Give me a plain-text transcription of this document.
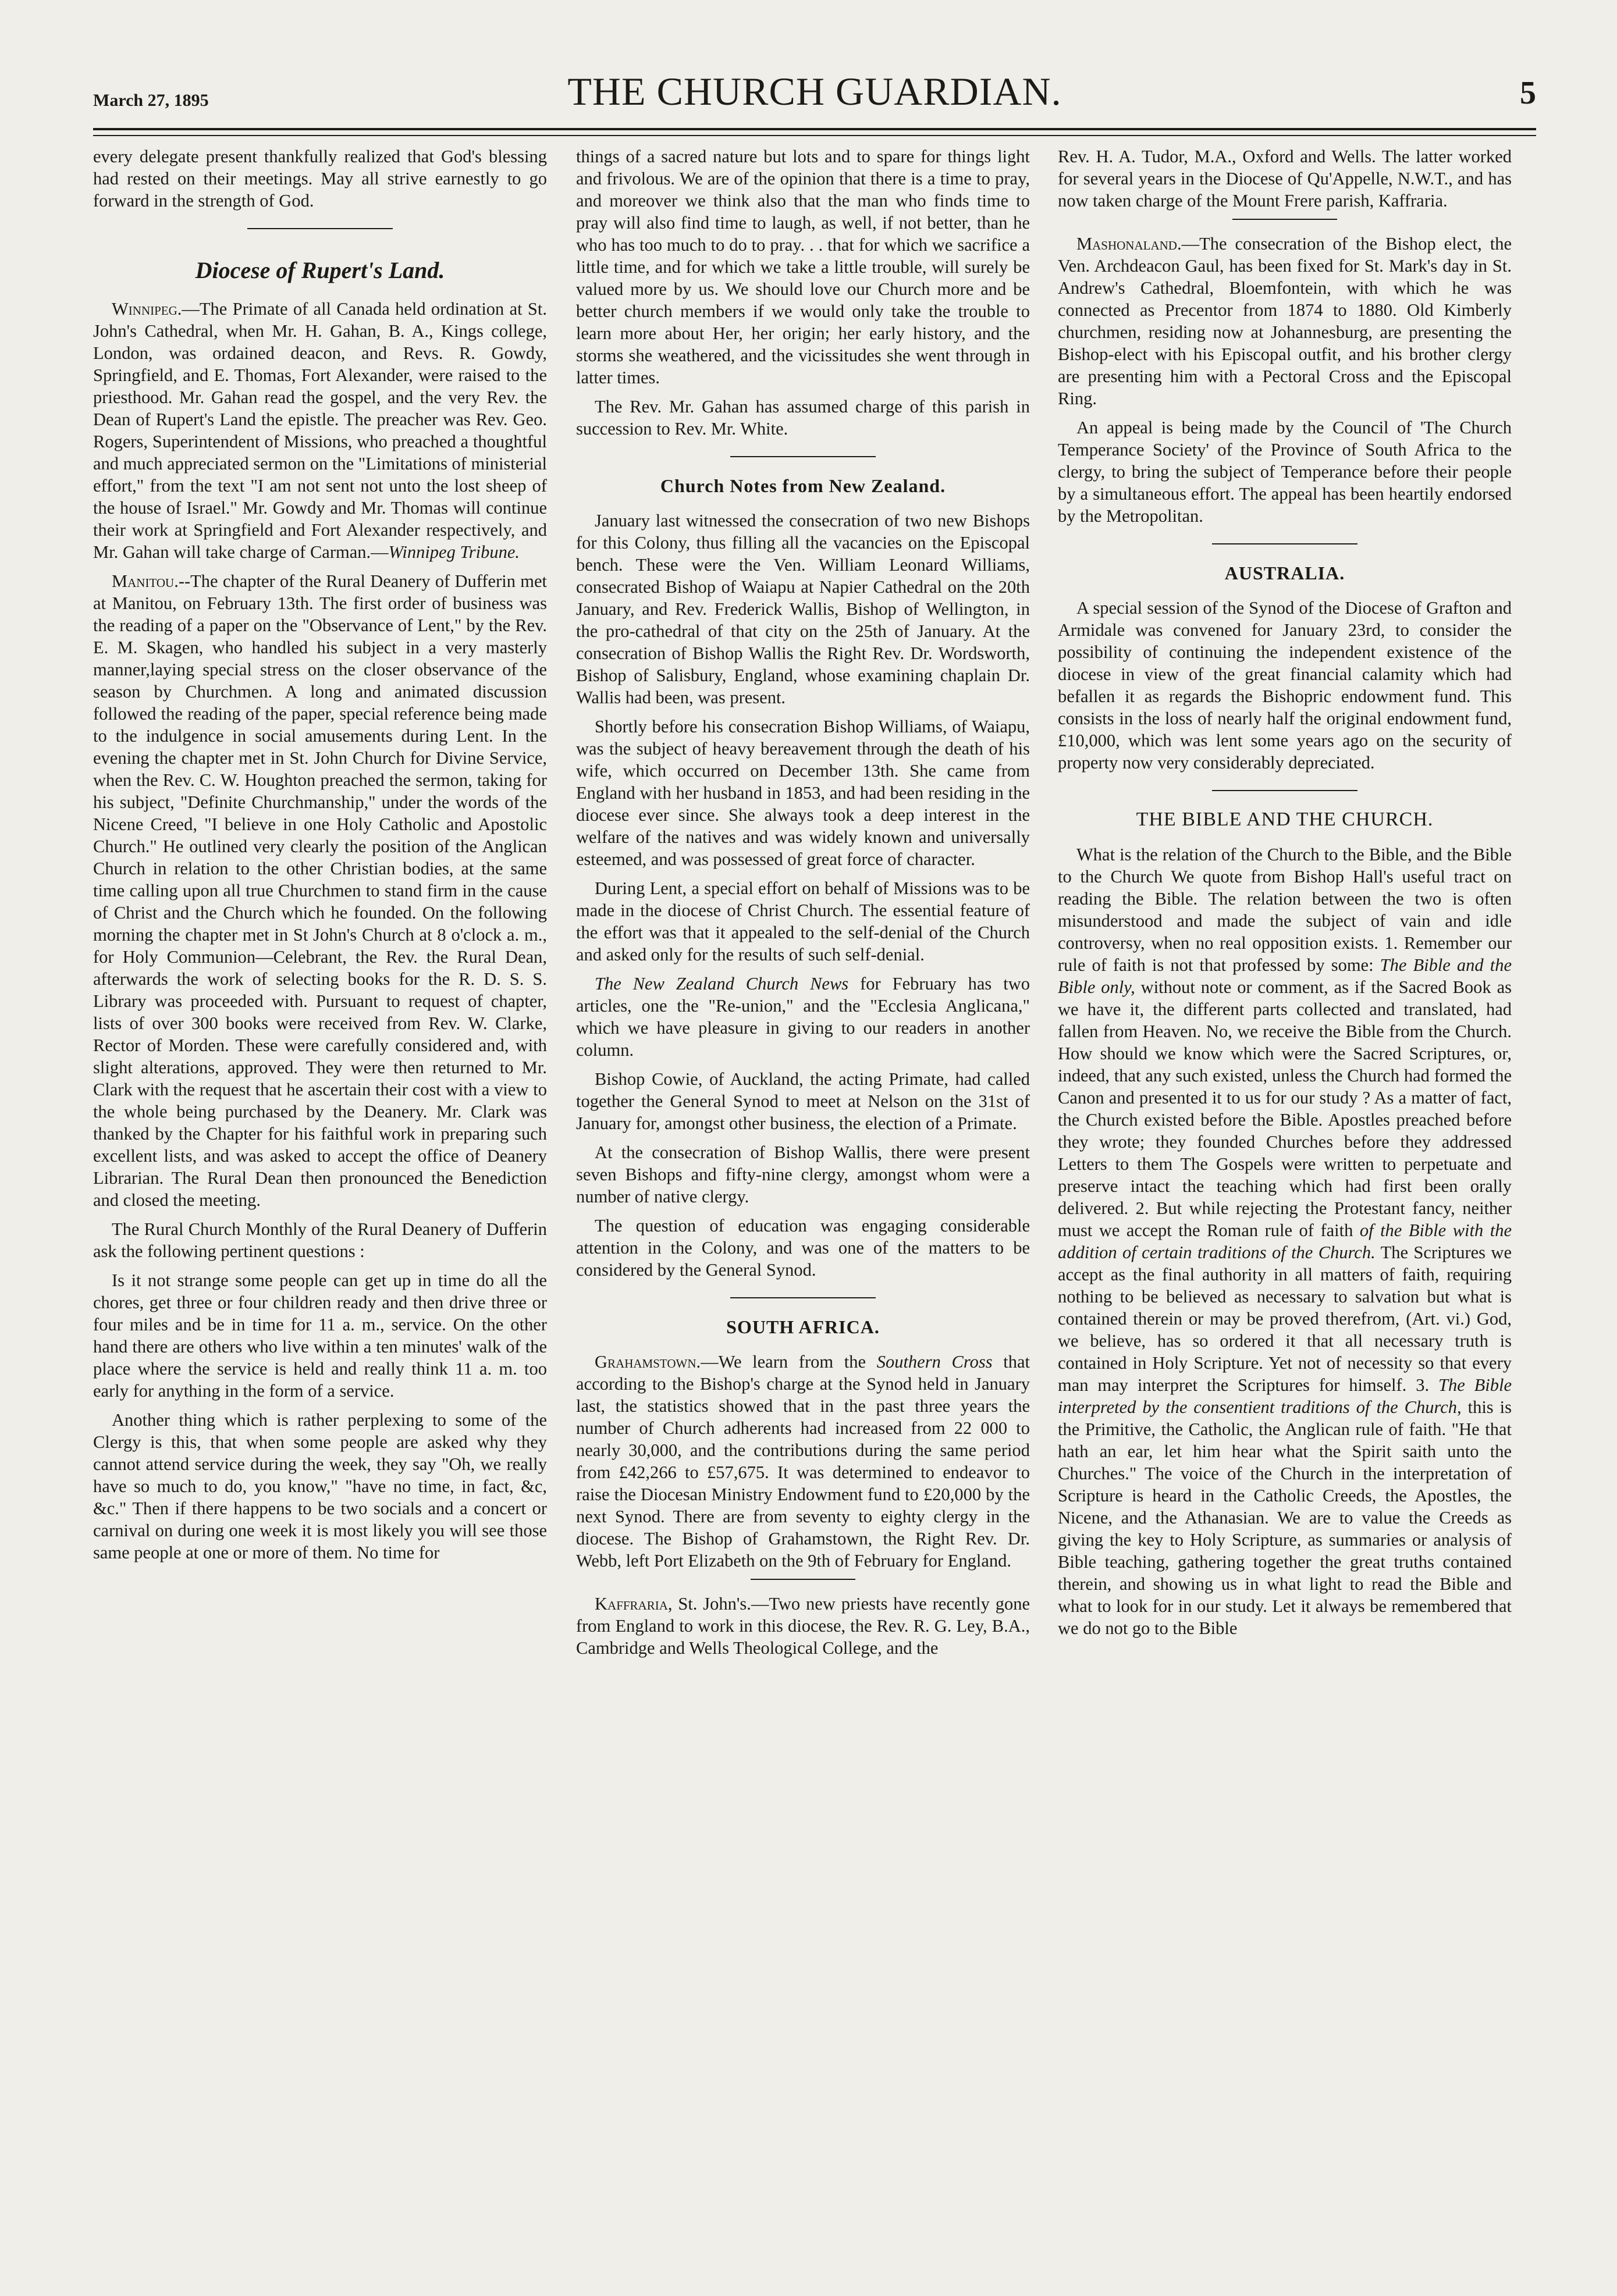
March 27, 1895	THE CHURCH GUARDIAN.	5

every delegate present thankfully realized that God's blessing had rested on their meetings. May all strive earnestly to go forward in the strength of God.

Diocese of Rupert's Land.

Winnipeg.—The Primate of all Canada held ordination at St. John's Cathedral, when Mr. H. Gahan, B. A., Kings college, London, was ordained deacon, and Revs. R. Gowdy, Springfield, and E. Thomas, Fort Alexander, were raised to the priesthood. Mr. Gahan read the gospel, and the very Rev. the Dean of Rupert's Land the epistle. The preacher was Rev. Geo. Rogers, Superintendent of Missions, who preached a thoughtful and much appreciated sermon on the "Limitations of ministerial effort," from the text "I am not sent not unto the lost sheep of the house of Israel." Mr. Gowdy and Mr. Thomas will continue their work at Springfield and Fort Alexander respectively, and Mr. Gahan will take charge of Carman.—Winnipeg Tribune.

Manitou.--The chapter of the Rural Deanery of Dufferin met at Manitou, on February 13th. The first order of business was the reading of a paper on the "Observance of Lent," by the Rev. E. M. Skagen, who handled his subject in a very masterly manner,laying special stress on the closer observance of the season by Churchmen. A long and animated discussion followed the reading of the paper, special reference being made to the indulgence in social amusements during Lent. In the evening the chapter met in St. John Church for Divine Service, when the Rev. C. W. Houghton preached the sermon, taking for his subject, "Definite Churchmanship," under the words of the Nicene Creed, "I believe in one Holy Catholic and Apostolic Church." He outlined very clearly the position of the Anglican Church in relation to the other Christian bodies, at the same time calling upon all true Churchmen to stand firm in the cause of Christ and the Church which he founded. On the following morning the chapter met in St John's Church at 8 o'clock a. m., for Holy Communion—Celebrant, the Rev. the Rural Dean, afterwards the work of selecting books for the R. D. S. S. Library was proceeded with. Pursuant to request of chapter, lists of over 300 books were received from Rev. W. Clarke, Rector of Morden. These were carefully considered and, with slight alterations, approved. They were then returned to Mr. Clark with the request that he ascertain their cost with a view to the whole being purchased by the Deanery. Mr. Clark was thanked by the Chapter for his faithful work in preparing such excellent lists, and was asked to accept the office of Deanery Librarian. The Rural Dean then pronounced the Benediction and closed the meeting.

The Rural Church Monthly of the Rural Deanery of Dufferin ask the following pertinent questions :

Is it not strange some people can get up in time do all the chores, get three or four children ready and then drive three or four miles and be in time for 11 a. m., service. On the other hand there are others who live within a ten minutes' walk of the place where the service is held and really think 11 a. m. too early for anything in the form of a service.

Another thing which is rather perplexing to some of the Clergy is this, that when some people are asked why they cannot attend service during the week, they say "Oh, we really have so much to do, you know," "have no time, in fact, &c, &c." Then if there happens to be two socials and a concert or carnival on during one week it is most likely you will see those same people at one or more of them. No time for

things of a sacred nature but lots and to spare for things light and frivolous. We are of the opinion that there is a time to pray, and moreover we think also that the man who finds time to pray will also find time to laugh, as well, if not better, than he who has too much to do to pray. . . that for which we sacrifice a little time, and for which we take a little trouble, will surely be valued more by us. We should love our Church more and be better church members if we would only take the trouble to learn more about Her, her origin; her early history, and the storms she weathered, and the vicissitudes she went through in latter times.

The Rev. Mr. Gahan has assumed charge of this parish in succession to Rev. Mr. White.

Church Notes from New Zealand.

January last witnessed the consecration of two new Bishops for this Colony, thus filling all the vacancies on the Episcopal bench. These were the Ven. William Leonard Williams, consecrated Bishop of Waiapu at Napier Cathedral on the 20th January, and Rev. Frederick Wallis, Bishop of Wellington, in the pro-cathedral of that city on the 25th of January. At the consecration of Bishop Wallis the Right Rev. Dr. Wordsworth, Bishop of Salisbury, England, whose examining chaplain Dr. Wallis had been, was present.

Shortly before his consecration Bishop Williams, of Waiapu, was the subject of heavy bereavement through the death of his wife, which occurred on December 13th. She came from England with her husband in 1853, and had been residing in the diocese ever since. She always took a deep interest in the welfare of the natives and was widely known and universally esteemed, and was possessed of great force of character.

During Lent, a special effort on behalf of Missions was to be made in the diocese of Christ Church. The essential feature of the effort was that it appealed to the self-denial of the Church and asked only for the results of such self-denial.

The New Zealand Church News for February has two articles, one the "Re-union," and the "Ecclesia Anglicana," which we have pleasure in giving to our readers in another column.

Bishop Cowie, of Auckland, the acting Primate, had called together the General Synod to meet at Nelson on the 31st of January for, amongst other business, the election of a Primate.

At the consecration of Bishop Wallis, there were present seven Bishops and fifty-nine clergy, amongst whom were a number of native clergy.

The question of education was engaging considerable attention in the Colony, and was one of the matters to be considered by the General Synod.

SOUTH AFRICA.

Grahamstown.—We learn from the Southern Cross that according to the Bishop's charge at the Synod held in January last, the statistics showed that in the past three years the number of Church adherents had increased from 22 000 to nearly 30,000, and the contributions during the same period from £42,266 to £57,675. It was determined to endeavor to raise the Diocesan Ministry Endowment fund to £20,000 by the next Synod. There are from seventy to eighty clergy in the diocese. The Bishop of Grahamstown, the Right Rev. Dr. Webb, left Port Elizabeth on the 9th of February for England.

Kaffraria, St. John's.—Two new priests have recently gone from England to work in this diocese, the Rev. R. G. Ley, B.A., Cambridge and Wells Theological College, and the

Rev. H. A. Tudor, M.A., Oxford and Wells. The latter worked for several years in the Diocese of Qu'Appelle, N.W.T., and has now taken charge of the Mount Frere parish, Kaffraria.

Mashonaland.—The consecration of the Bishop elect, the Ven. Archdeacon Gaul, has been fixed for St. Mark's day in St. Andrew's Cathedral, Bloemfontein, with which he was connected as Precentor from 1874 to 1880. Old Kimberly churchmen, residing now at Johannesburg, are presenting the Bishop-elect with his Episcopal outfit, and his brother clergy are presenting him with a Pectoral Cross and the Episcopal Ring.

An appeal is being made by the Council of 'The Church Temperance Society' of the Province of South Africa to the clergy, to bring the subject of Temperance before their people by a simultaneous effort. The appeal has been heartily endorsed by the Metropolitan.

AUSTRALIA.

A special session of the Synod of the Diocese of Grafton and Armidale was convened for January 23rd, to consider the possibility of continuing the independent existence of the diocese in view of the great financial calamity which had befallen it as regards the Bishopric endowment fund. This consists in the loss of nearly half the original endowment fund, £10,000, which was lent some years ago on the security of property now very considerably depreciated.

THE BIBLE AND THE CHURCH.

What is the relation of the Church to the Bible, and the Bible to the Church We quote from Bishop Hall's useful tract on reading the Bible. The relation between the two is often misunderstood and made the subject of vain and idle controversy, when no real opposition exists. 1. Remember our rule of faith is not that professed by some: The Bible and the Bible only, without note or comment, as if the Sacred Book as we have it, the different parts collected and translated, had fallen from Heaven. No, we receive the Bible from the Church. How should we know which were the Sacred Scriptures, or, indeed, that any such existed, unless the Church had formed the Canon and presented it to us for our study ? As a matter of fact, the Church existed before the Bible. Apostles preached before they wrote; they founded Churches before they addressed Letters to them The Gospels were written to perpetuate and preserve intact the teaching which had first been orally delivered. 2. But while rejecting the Protestant fancy, neither must we accept the Roman rule of faith of the Bible with the addition of certain traditions of the Church. The Scriptures we accept as the final authority in all matters of faith, requiring nothing to be believed as necessary to salvation but what is contained therein or may be proved therefrom, (Art. vi.) God, we believe, has so ordered it that all necessary truth is contained in Holy Scripture. Yet not of necessity so that every man may interpret the Scriptures for himself. 3. The Bible interpreted by the consentient traditions of the Church, this is the Primitive, the Catholic, the Anglican rule of faith. "He that hath an ear, let him hear what the Spirit saith unto the Churches." The voice of the Church in the interpretation of Scripture is heard in the Catholic Creeds, the Apostles, the Nicene, and the Athanasian. We are to value the Creeds as giving the key to Holy Scripture, as summaries or analysis of Bible teaching, gathering together the great truths contained therein, and showing us in what light to read the Bible and what to look for in our study. Let it always be remembered that we do not go to the Bible
